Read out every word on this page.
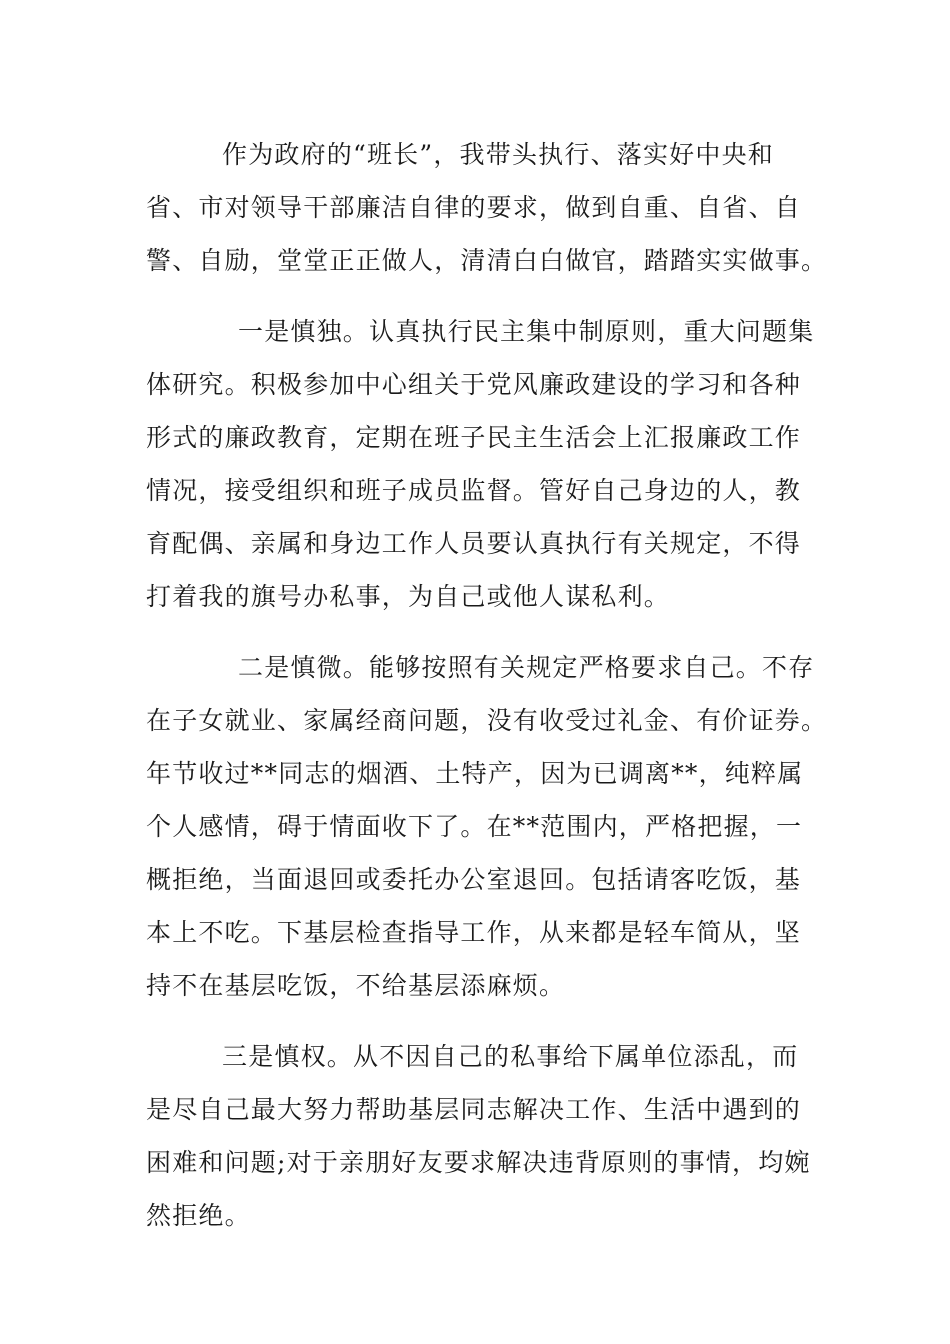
作为政府的“班长”，我带头执行、落实好中央和
省、市对领导干部廉洁自律的要求，做到自重、自省、自
警、自励，堂堂正正做人，清清白白做官，踏踏实实做事。
一是慎独。认真执行民主集中制原则，重大问题集
体研究。积极参加中心组关于党风廉政建设的学习和各种
形式的廉政教育，定期在班子民主生活会上汇报廉政工作
情况，接受组织和班子成员监督。管好自己身边的人，教
育配偶、亲属和身边工作人员要认真执行有关规定，不得
打着我的旗号办私事，为自己或他人谋私利。
二是慎微。能够按照有关规定严格要求自己。不存
在子女就业、家属经商问题，没有收受过礼金、有价证券。
年节收过**同志的烟酒、土特产，因为已调离**，纯粹属
个人感情，碍于情面收下了。在**范围内，严格把握，一
概拒绝，当面退回或委托办公室退回。包括请客吃饭，基
本上不吃。下基层检查指导工作，从来都是轻车简从，坚
持不在基层吃饭，不给基层添麻烦。
三是慎权。从不因自己的私事给下属单位添乱，而
是尽自己最大努力帮助基层同志解决工作、生活中遇到的
困难和问题;对于亲朋好友要求解决违背原则的事情，均婉
然拒绝。
